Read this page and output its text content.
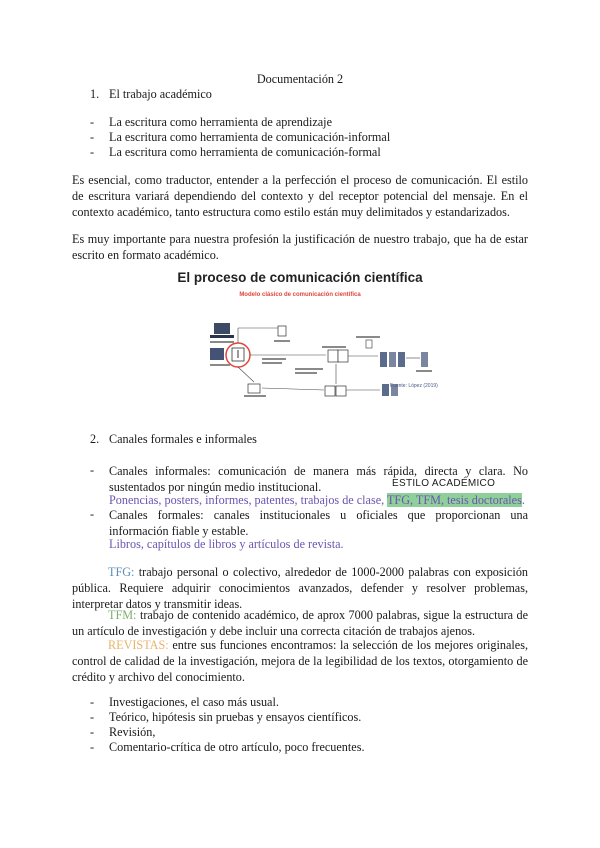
Documentación 2
1. El trabajo académico
- La escritura como herramienta de aprendizaje
- La escritura como herramienta de comunicación-informal
- La escritura como herramienta de comunicación-formal
Es esencial, como traductor, entender a la perfección el proceso de comunicación. El estilo de escritura variará dependiendo del contexto y del receptor potencial del mensaje. En el contexto académico, tanto estructura como estilo están muy delimitados y estandarizados.
Es muy importante para nuestra profesión la justificación de nuestro trabajo, que ha de estar escrito en formato académico.
El proceso de comunicación científica
Modelo clásico de comunicación científica
Fuente: López (2019)
2. Canales formales e informales
- Canales informales: comunicación de manera más rápida, directa y clara. No sustentados por ningún medio institucional.	ESTILO ACADÉMICO
Ponencias, posters, informes, patentes, trabajos de clase, TFG, TFM, tesis doctorales.
- Canales formales: canales institucionales u oficiales que proporcionan una información fiable y estable.
Libros, capítulos de libros y artículos de revista.
TFG: trabajo personal o colectivo, alrededor de 1000-2000 palabras con exposición pública. Requiere adquirir conocimientos avanzados, defender y resolver problemas, interpretar datos y transmitir ideas.
TFM: trabajo de contenido académico, de aprox 7000 palabras, sigue la estructura de un artículo de investigación y debe incluir una correcta citación de trabajos ajenos.
REVISTAS: entre sus funciones encontramos: la selección de los mejores originales, control de calidad de la investigación, mejora de la legibilidad de los textos, otorgamiento de crédito y archivo del conocimiento.
- Investigaciones, el caso más usual.
- Teórico, hipótesis sin pruebas y ensayos científicos.
- Revisión,
- Comentario-crítica de otro artículo, poco frecuentes.
